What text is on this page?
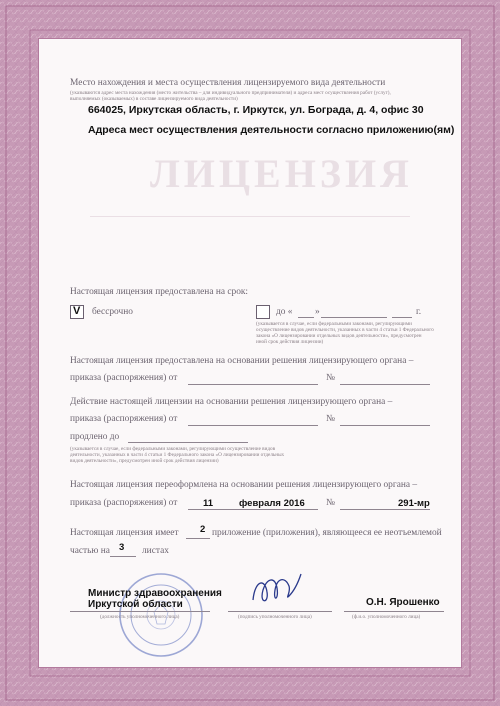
ЛИЦЕНЗИЯ
Место нахождения и места осуществления лицензируемого вида деятельности
(указываются адрес места нахождения (место жительства – для индивидуального предпринимателя) и адреса мест осуществления работ (услуг),
выполняемых (оказываемых) в составе лицензируемого вида деятельности)
664025, Иркутская область, г. Иркутск, ул. Бограда, д. 4, офис 30
Адреса мест осуществления деятельности согласно приложению(ям)
Настоящая лицензия предоставлена на срок:
V бессрочно	до « »	г.
(указывается в случае, если федеральными законами, регулирующими
осуществление видов деятельности, указанных в части 4 статьи 1 Федерального
закона «О лицензировании отдельных видов деятельности», предусмотрен
иной срок действия лицензии)
Настоящая лицензия предоставлена на основании решения лицензирующего органа –
приказа (распоряжения) от	№
Действие настоящей лицензии на основании решения лицензирующего органа –
приказа (распоряжения) от	№
продлено до
(указывается в случае, если федеральными законами, регулирующими осуществление видов
деятельности, указанных в части 4 статьи 1 Федерального закона «О лицензировании отдельных
видов деятельности», предусмотрен иной срок действия лицензии)
Настоящая лицензия переоформлена на основании решения лицензирующего органа –
приказа (распоряжения) от	11	февраля 2016 №	291-мр
Настоящая лицензия имеет 2 приложение (приложения), являющееся ее неотъемлемой
частью на 3 листах
Министр здравоохранения
Иркутской области
(должность уполномоченного лица)	(подпись уполномоченного лица)
О.Н. Ярошенко
(ф.и.о. уполномоченного лица)
